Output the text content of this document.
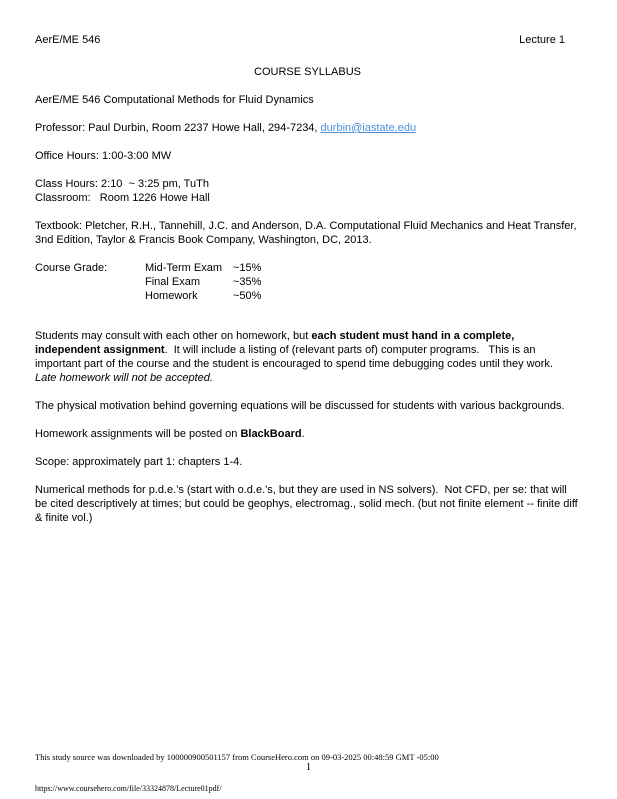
AerE/ME 546	Lecture 1
COURSE SYLLABUS

AerE/ME 546 Computational Methods for Fluid Dynamics

Professor: Paul Durbin, Room 2237 Howe Hall, 294-7234, durbin@iastate.edu

Office Hours: 1:00-3:00 MW

Class Hours: 2:10  ~ 3:25 pm, TuTh
Classroom:   Room 1226 Howe Hall

Textbook: Pletcher, R.H., Tannehill, J.C. and Anderson, D.A. Computational Fluid Mechanics and Heat Transfer, 3nd Edition, Taylor & Francis Book Company, Washington, DC, 2013.

Course Grade:	Mid-Term Exam ~15%
Final Exam	~35%
Homework	~50%

Students may consult with each other on homework, but each student must hand in a complete, independent assignment.  It will include a listing of (relevant parts of) computer programs.   This is an important part of the course and the student is encouraged to spend time debugging codes until they work.  Late homework will not be accepted.

The physical motivation behind governing equations will be discussed for students with various backgrounds.

Homework assignments will be posted on BlackBoard.

Scope: approximately part 1: chapters 1-4.

Numerical methods for p.d.e.'s (start with o.d.e.'s, but they are used in NS solvers).  Not CFD, per se: that will be cited descriptively at times; but could be geophys, electromag., solid mech. (but not finite element -- finite diff & finite vol.)

This study source was downloaded by 100000900501157 from CourseHero.com on 09-03-2025 00:48:59 GMT -05:00
1
https://www.coursehero.com/file/33324878/Lecture01pdf/
